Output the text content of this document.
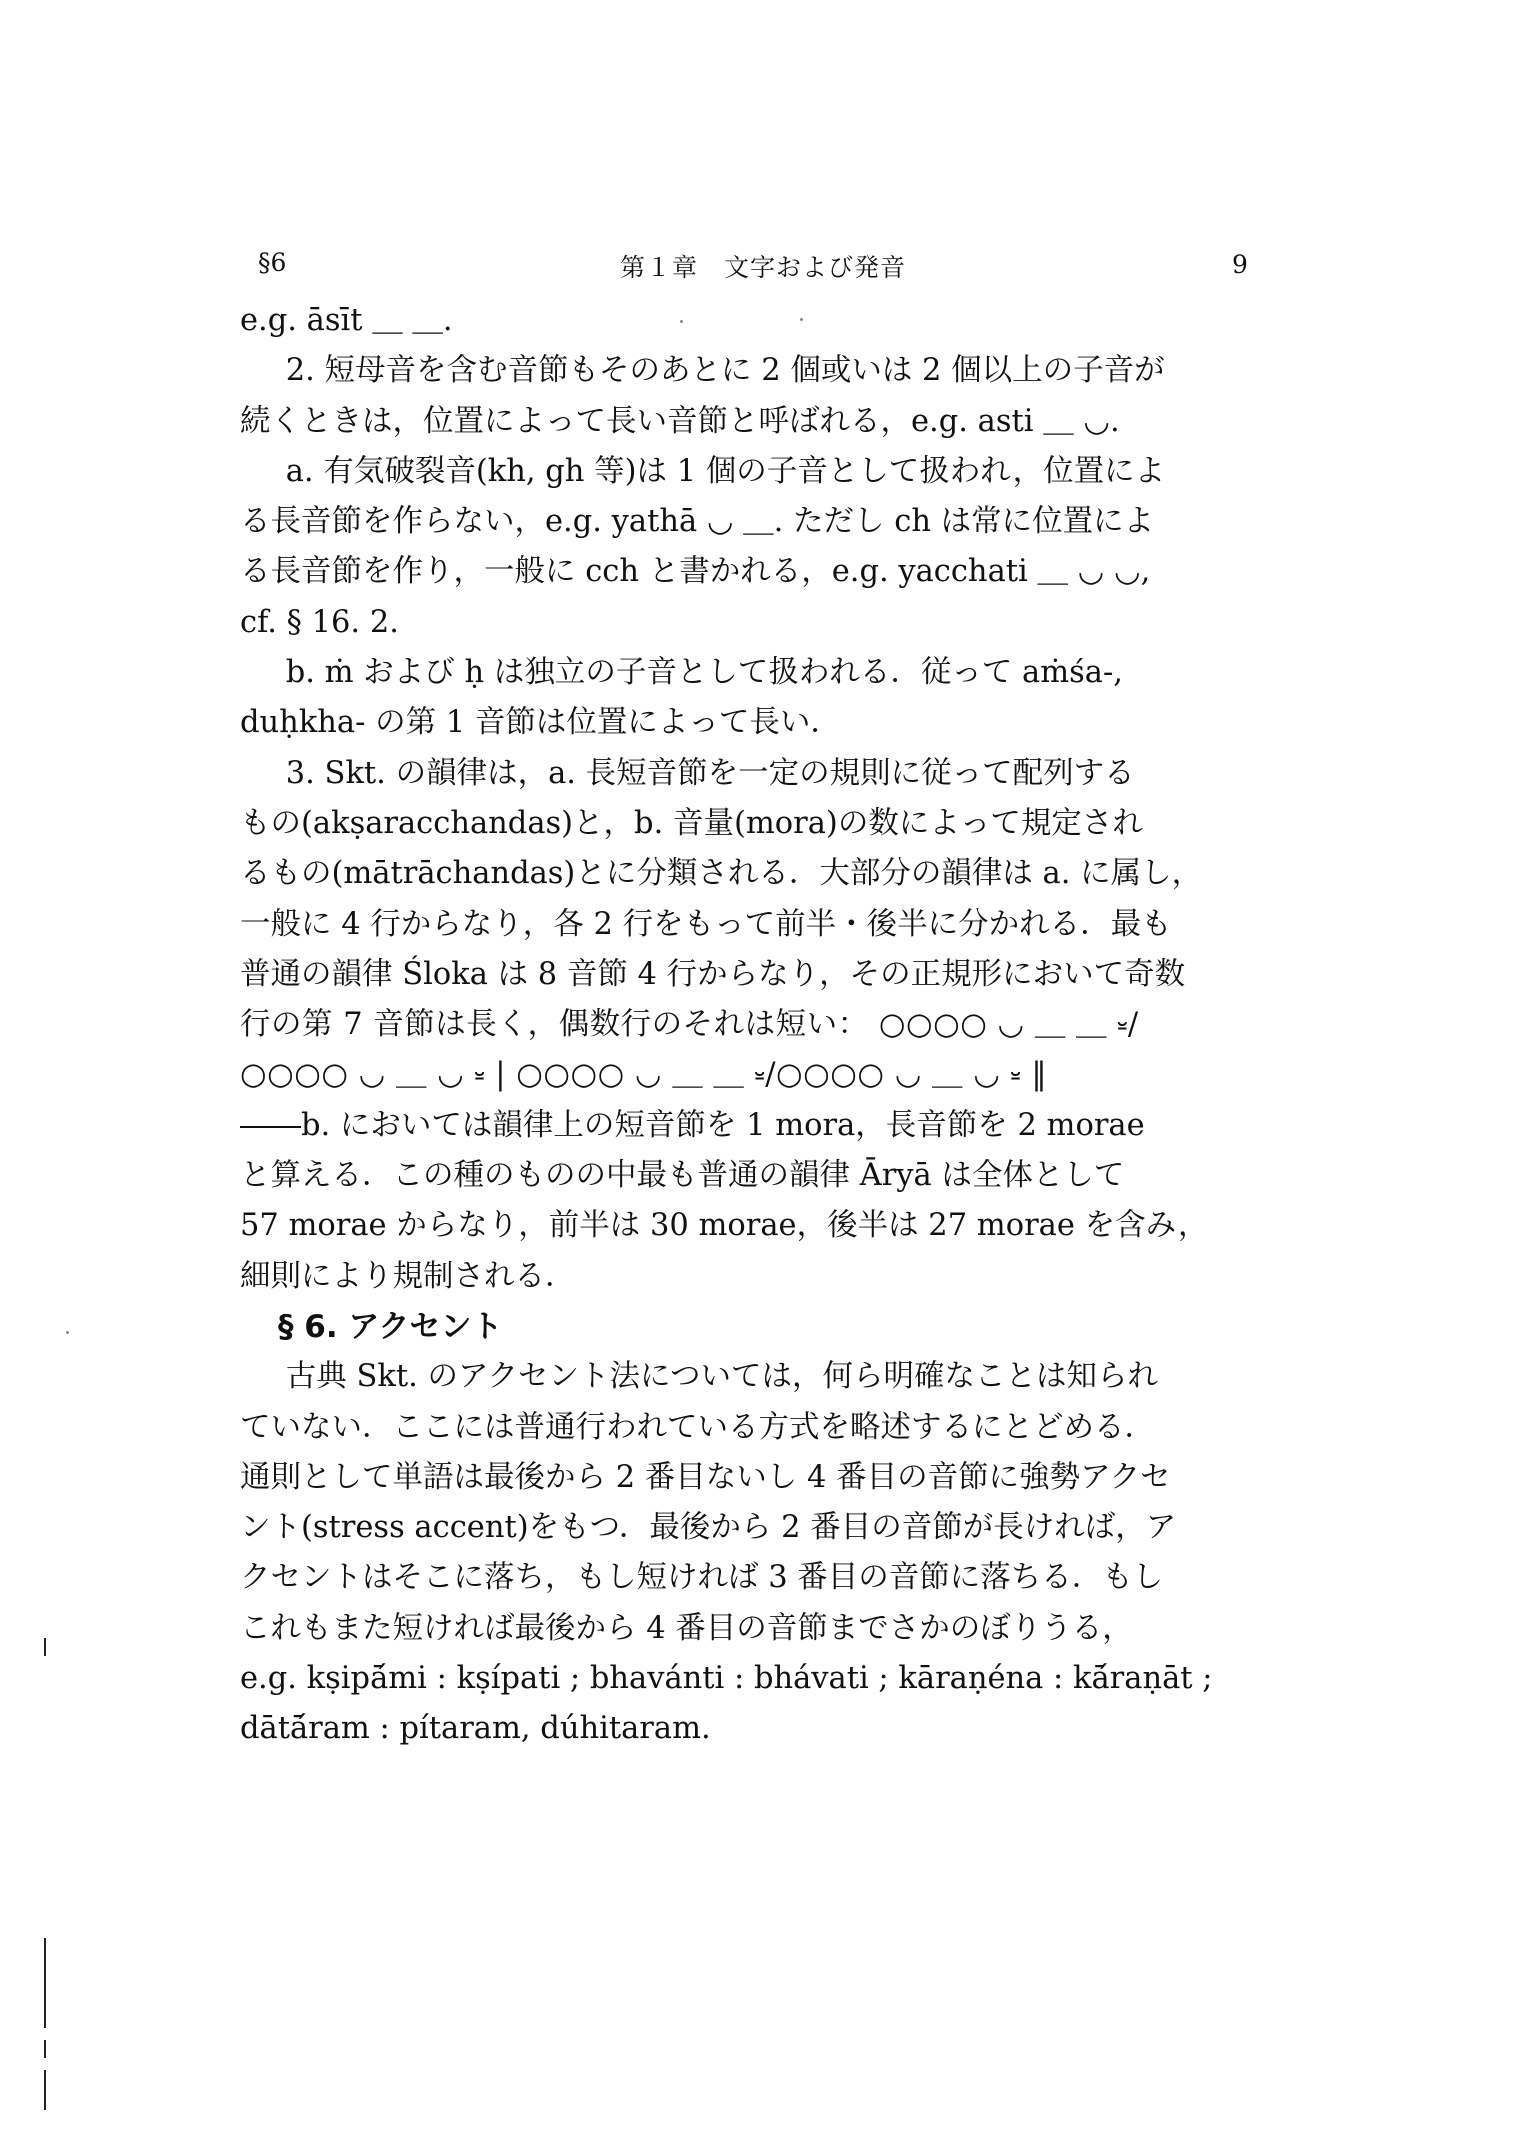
§6	第１章　文字および発音	9
e.g. āsīt ＿ ＿.
2. 短母音を含む音節もそのあとに 2 個或いは 2 個以上の子音が
続くときは，位置によって長い音節と呼ばれる，e.g. asti ＿ ◡.
a. 有気破裂音(kh, gh 等)は 1 個の子音として扱われ，位置によ
る長音節を作らない，e.g. yathā ◡ ＿. ただし ch は常に位置によ
る長音節を作り，一般に cch と書かれる，e.g. yacchati ＿ ◡ ◡,
cf. § 16. 2.
b. ṁ および ḥ は独立の子音として扱われる．従って aṁśa-,
duḥkha- の第 1 音節は位置によって長い．
3. Skt. の韻律は，a. 長短音節を一定の規則に従って配列する
もの(akṣaracchandas)と，b. 音量(mora)の数によって規定され
るもの(mātrāchandas)とに分類される．大部分の韻律は a. に属し，
一般に 4 行からなり，各 2 行をもって前半・後半に分かれる．最も
普通の韻律 Śloka は 8 音節 4 行からなり，その正規形において奇数
行の第 7 音節は長く，偶数行のそれは短い： ○○○○ ◡ ＿ ＿ ⏓/
○○○○ ◡ ＿ ◡ ⏓ | ○○○○ ◡ ＿ ＿ ⏓/○○○○ ◡ ＿ ◡ ⏓ ‖
――b. においては韻律上の短音節を 1 mora，長音節を 2 morae
と算える．この種のものの中最も普通の韻律 Āryā は全体として
57 morae からなり，前半は 30 morae，後半は 27 morae を含み，
細則により規制される．
§ 6. アクセント
古典 Skt. のアクセント法については，何ら明確なことは知られ
ていない．ここには普通行われている方式を略述するにとどめる．
通則として単語は最後から 2 番目ないし 4 番目の音節に強勢アクセ
ント(stress accent)をもつ．最後から 2 番目の音節が長ければ，ア
クセントはそこに落ち，もし短ければ 3 番目の音節に落ちる．もし
これもまた短ければ最後から 4 番目の音節までさかのぼりうる，
e.g. kṣipā́mi : kṣípati ; bhavánti : bhávati ; kāraṇéna : kā́raṇāt ;
dātā́ram : pítaram, dúhitaram.
